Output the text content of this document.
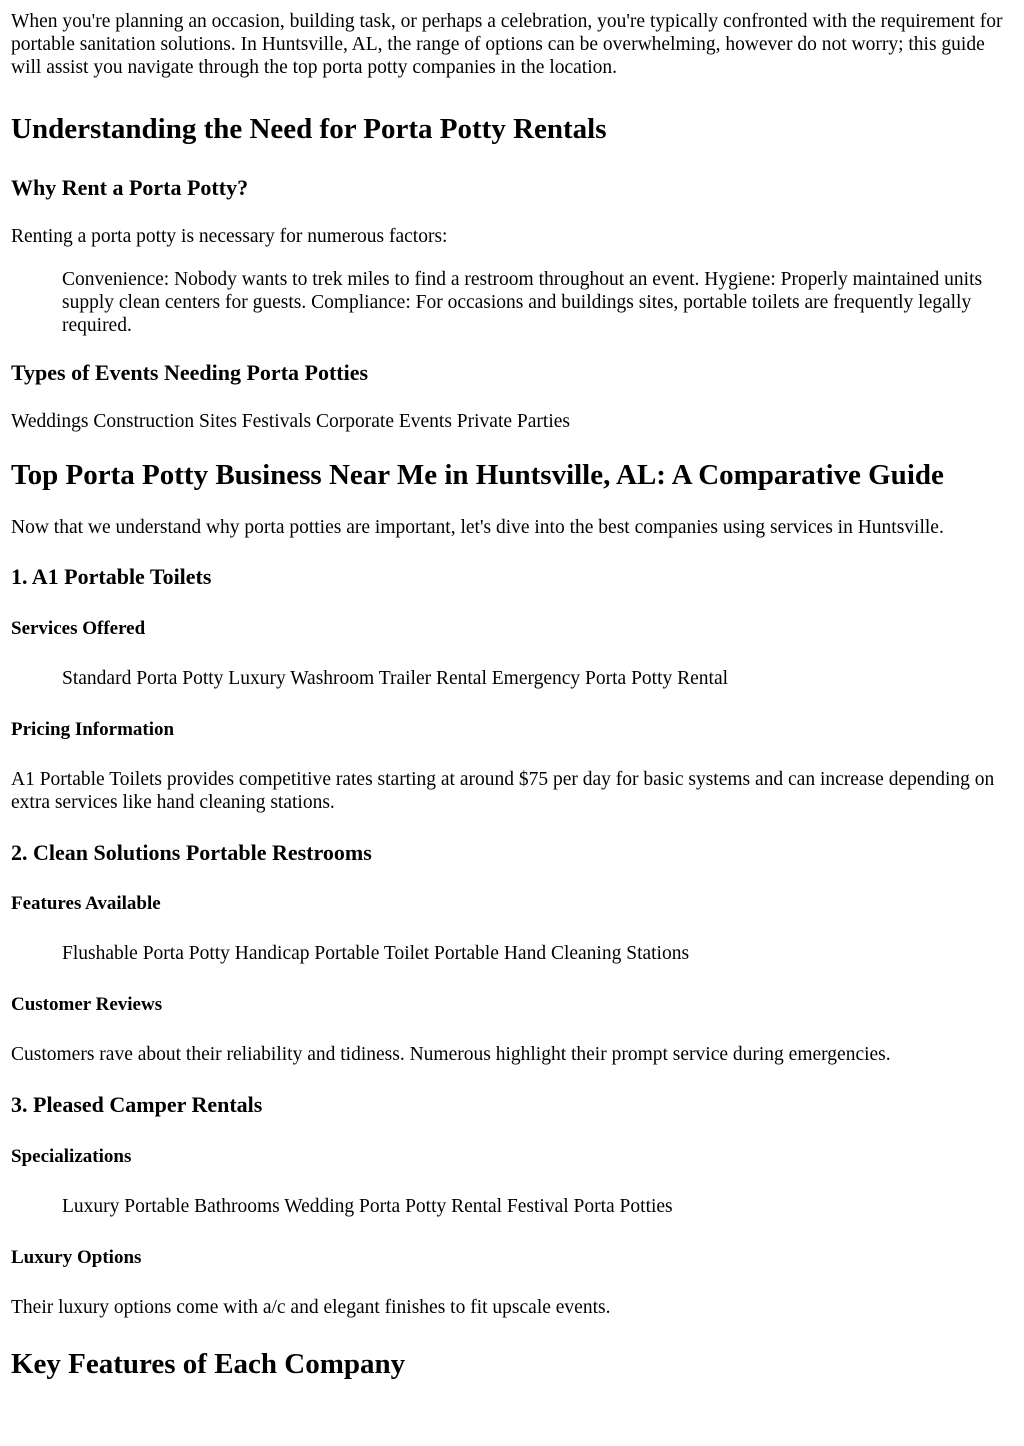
When you're planning an occasion, building task, or perhaps a celebration, you're typically confronted with the requirement for portable sanitation solutions. In Huntsville, AL, the range of options can be overwhelming, however do not worry; this guide will assist you navigate through the top porta potty companies in the location.

Understanding the Need for Porta Potty Rentals
Why Rent a Porta Potty?

Renting a porta potty is necessary for numerous factors:

Convenience: Nobody wants to trek miles to find a restroom throughout an event. Hygiene: Properly maintained units supply clean centers for guests. Compliance: For occasions and buildings sites, portable toilets are frequently legally required.

Types of Events Needing Porta Potties

Weddings Construction Sites Festivals Corporate Events Private Parties

Top Porta Potty Business Near Me in Huntsville, AL: A Comparative Guide

Now that we understand why porta potties are important, let's dive into the best companies using services in Huntsville.

1. A1 Portable Toilets
Services Offered

Standard Porta Potty Luxury Washroom Trailer Rental Emergency Porta Potty Rental

Pricing Information

A1 Portable Toilets provides competitive rates starting at around $75 per day for basic systems and can increase depending on extra services like hand cleaning stations.

2. Clean Solutions Portable Restrooms
Features Available

Flushable Porta Potty Handicap Portable Toilet Portable Hand Cleaning Stations

Customer Reviews

Customers rave about their reliability and tidiness. Numerous highlight their prompt service during emergencies.

3. Pleased Camper Rentals
Specializations

Luxury Portable Bathrooms Wedding Porta Potty Rental Festival Porta Potties

Luxury Options

Their luxury options come with a/c and elegant finishes to fit upscale events.

Key Features of Each Company
